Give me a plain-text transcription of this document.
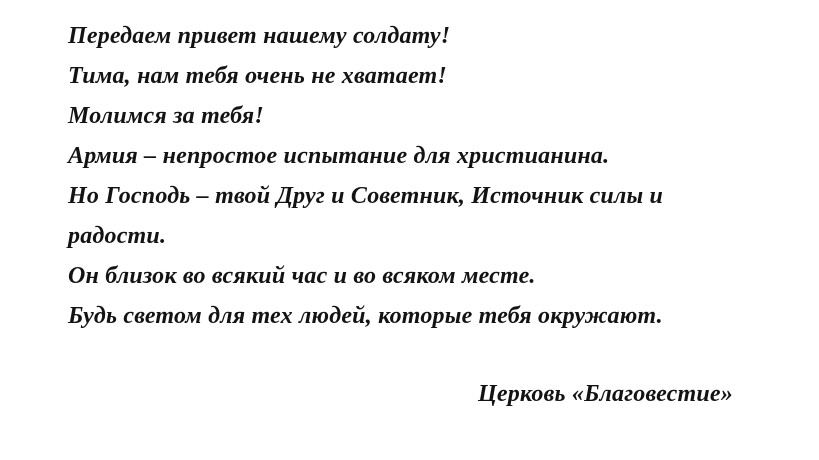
Передаем привет нашему солдату!
Тима, нам тебя очень не хватает!
Молимся за тебя!
Армия – непростое испытание для христианина.
Но Господь – твой Друг и Советник, Источник силы и
радости.
Он близок во всякий час и во всяком месте.
Будь светом для тех людей, которые тебя окружают.
Церковь «Благовестие»
